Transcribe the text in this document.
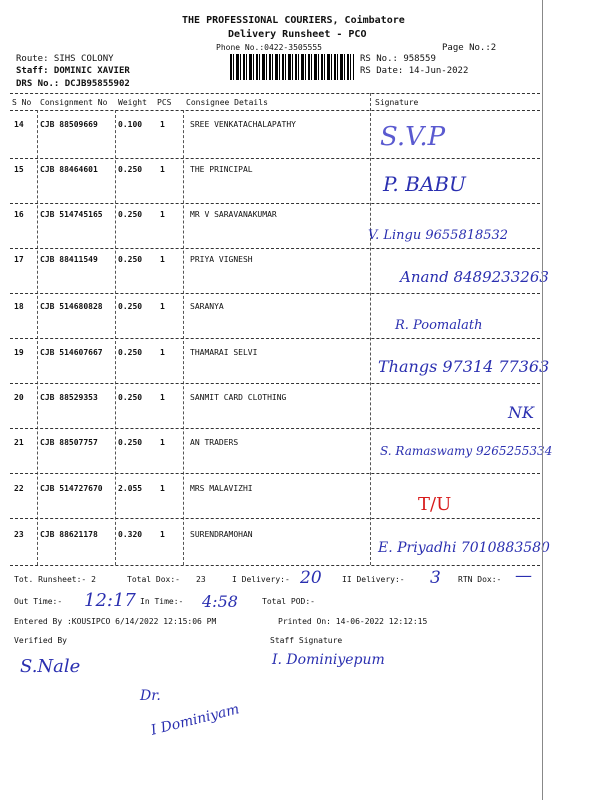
THE PROFESSIONAL COURIERS, Coimbatore
Delivery Runsheet - PCO
Phone No.:0422-3505555	Page No.:2
Route: SIHS COLONY
Staff: DOMINIC XAVIER
DRS No.: DCJB95855902
RS No.: 958559
RS Date: 14-Jun-2022
S No Consignment No Weight PCS Consignee Details	Signature
14 CJB 88509669	0.100 1	SREE VENKATACHALAPATHY	S.V.P
15 CJB 88464601	0.250 1	THE PRINCIPAL
P. BABU
16 CJB 514745165 0.250 1	MR V SARAVANAKUMAR
V. Lingu 9655818532
17 CJB 88411549	0.250 1	PRIYA VIGNESH
Anand 8489233263
18 CJB 514680828 0.250 1	SARANYA
R. Poomalath
19 CJB 514607667 0.250 1	THAMARAI SELVI
Thangs 97314 77363
20 CJB 88529353	0.250 1	SANMIT CARD CLOTHING
NK
21 CJB 88507757	0.250 1	AN TRADERS
S. Ramaswamy 9265255334
22 CJB 514727670 2.055 1	MRS MALAVIZHI
T/U
23 CJB 88621178	0.320 1	SURENDRAMOHAN
E. Priyadhi 7010883580
Tot. Runsheet:- 2	Total Dox:- 23	I Delivery:- 20	II Delivery:- 3 RTN Dox:- —
Out Time:- 12:17 In Time:- 4:58	Total POD:-
Entered By :KOUSIPCO 6/14/2022 12:15:06 PM	Printed On: 14-06-2022 12:12:15
Verified By	Staff Signature
S.Nale	I. Dominiyepum
Dr.
I Dominiyam
